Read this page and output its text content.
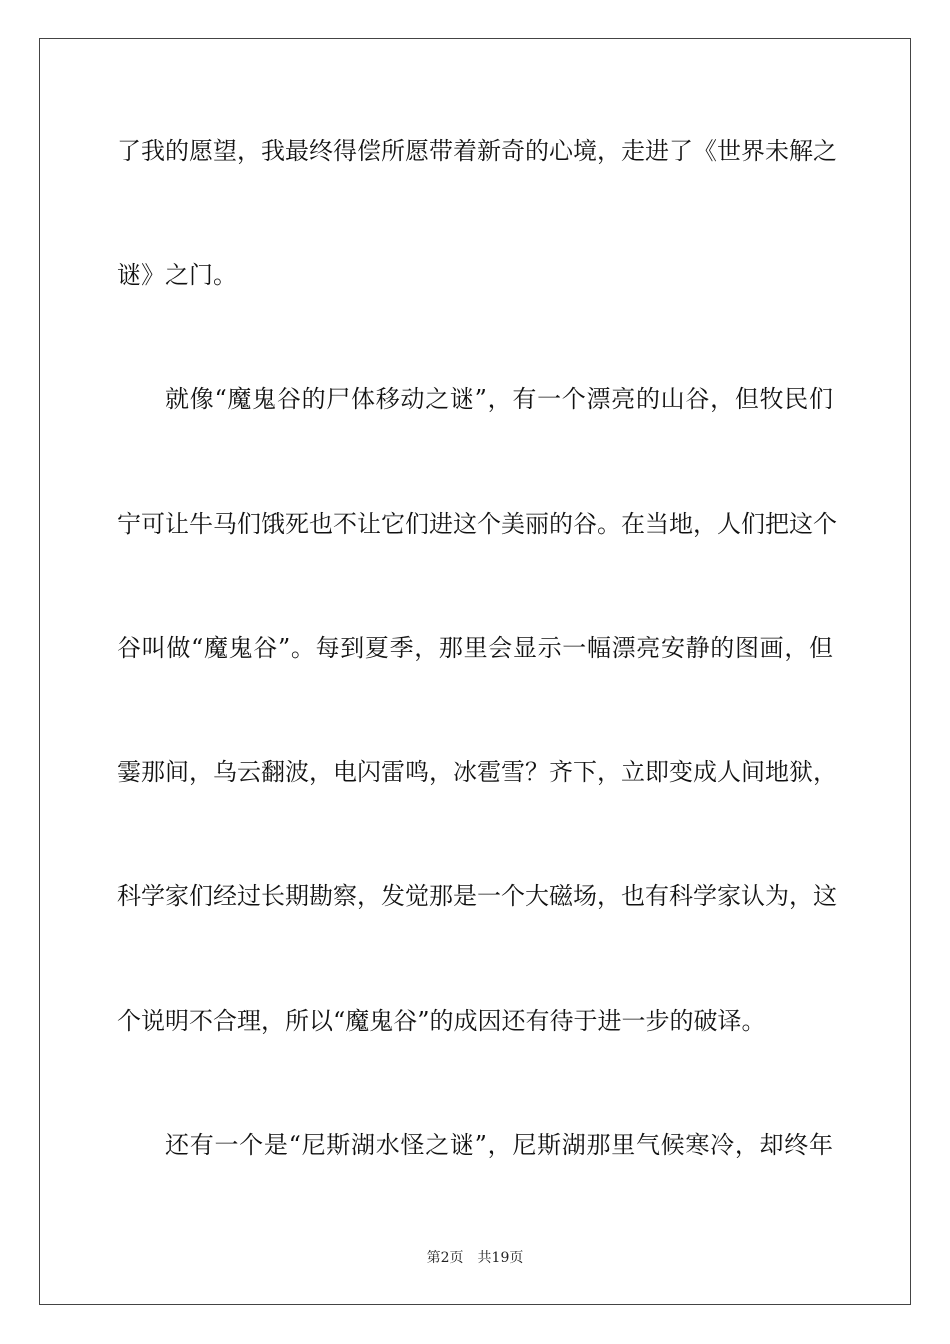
了我的愿望，我最终得偿所愿带着新奇的心境，走进了《世界未解之
谜》之门。
就像“魔鬼谷的尸体移动之谜”，有一个漂亮的山谷，但牧民们
宁可让牛马们饿死也不让它们进这个美丽的谷。在当地，人们把这个
谷叫做“魔鬼谷”。每到夏季，那里会显示一幅漂亮安静的图画，但
霎那间，乌云翻波，电闪雷鸣，冰雹雪？齐下，立即变成人间地狱，
科学家们经过长期勘察，发觉那是一个大磁场，也有科学家认为，这
个说明不合理，所以“魔鬼谷”的成因还有待于进一步的破译。
还有一个是“尼斯湖水怪之谜”，尼斯湖那里气候寒冷，却终年
第2页 共19页
